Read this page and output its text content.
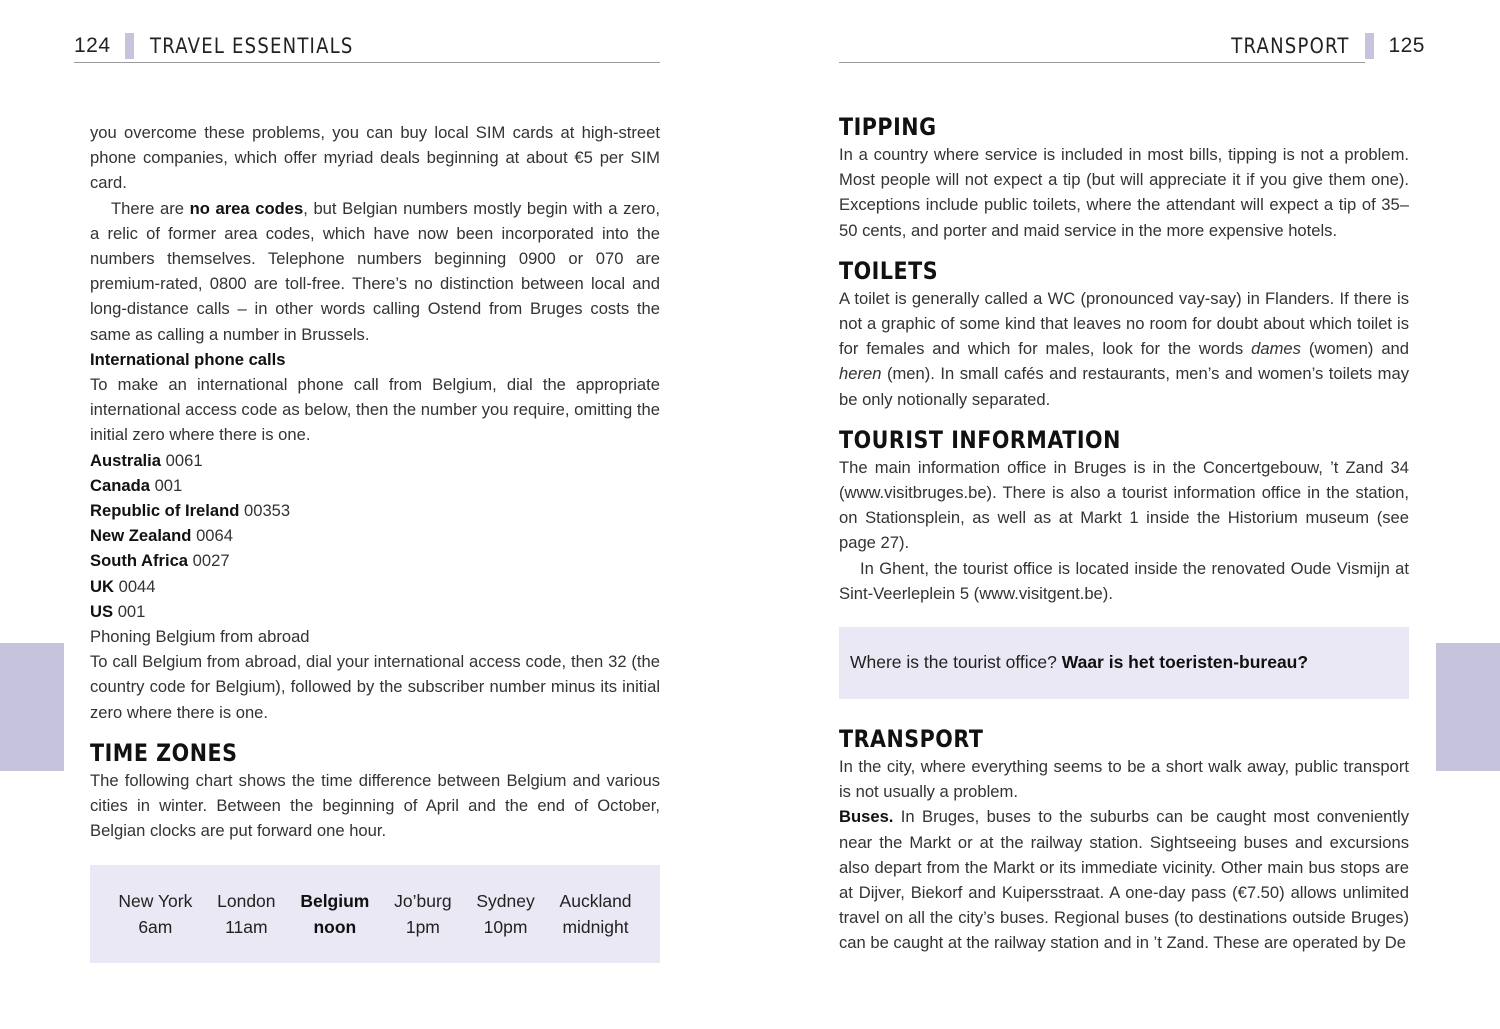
124 TRAVEL ESSENTIALS

you overcome these problems, you can buy local SIM cards at high-street phone companies, which offer myriad deals beginning at about €5 per SIM card.

There are no area codes, but Belgian numbers mostly begin with a zero, a relic of former area codes, which have now been incorporated into the numbers themselves. Telephone numbers beginning 0900 or 070 are premium-rated, 0800 are toll-free. There’s no distinction between local and long-distance calls – in other words calling Ostend from Bruges costs the same as calling a number in Brussels.

International phone calls

To make an international phone call from Belgium, dial the appropriate international access code as below, then the number you require, omitting the initial zero where there is one.

Australia 0061
Canada 001
Republic of Ireland 00353
New Zealand 0064
South Africa 0027
UK 0044
US 001
Phoning Belgium from abroad

To call Belgium from abroad, dial your international access code, then 32 (the country code for Belgium), followed by the subscriber number minus its initial zero where there is one.

TIME ZONES

The following chart shows the time difference between Belgium and various cities in winter. Between the beginning of April and the end of October, Belgian clocks are put forward one hour.

New York
6am
London
11am
Belgium
noon
Jo’burg
1pm
Sydney
10pm
Auckland
midnight
TRANSPORT 125
TIPPING

In a country where service is included in most bills, tipping is not a problem. Most people will not expect a tip (but will appreciate it if you give them one). Exceptions include public toilets, where the attendant will expect a tip of 35–50 cents, and porter and maid service in the more expensive hotels.

TOILETS

A toilet is generally called a WC (pronounced vay-say) in Flanders. If there is not a graphic of some kind that leaves no room for doubt about which toilet is for females and which for males, look for the words dames (women) and heren (men). In small cafés and restaurants, men’s and women’s toilets may be only notionally separated.

TOURIST INFORMATION

The main information office in Bruges is in the Concertgebouw, ’t Zand 34 (www.visitbruges.be). There is also a tourist information office in the station, on Stationsplein, as well as at Markt 1 inside the Historium museum (see page 27).

In Ghent, the tourist office is located inside the renovated Oude Vismijn at Sint-Veerleplein 5 (www.visitgent.be).

Where is the tourist office? Waar is het toeristen-bureau?
TRANSPORT

In the city, where everything seems to be a short walk away, public transport is not usually a problem.

Buses. In Bruges, buses to the suburbs can be caught most conveniently near the Markt or at the railway station. Sightseeing buses and excursions also depart from the Markt or its immediate vicinity. Other main bus stops are at Dijver, Biekorf and Kuipersstraat. A one-day pass (€7.50) allows unlimited travel on all the city’s buses. Regional buses (to destinations outside Bruges) can be caught at the railway station and in ’t Zand. These are operated by De
